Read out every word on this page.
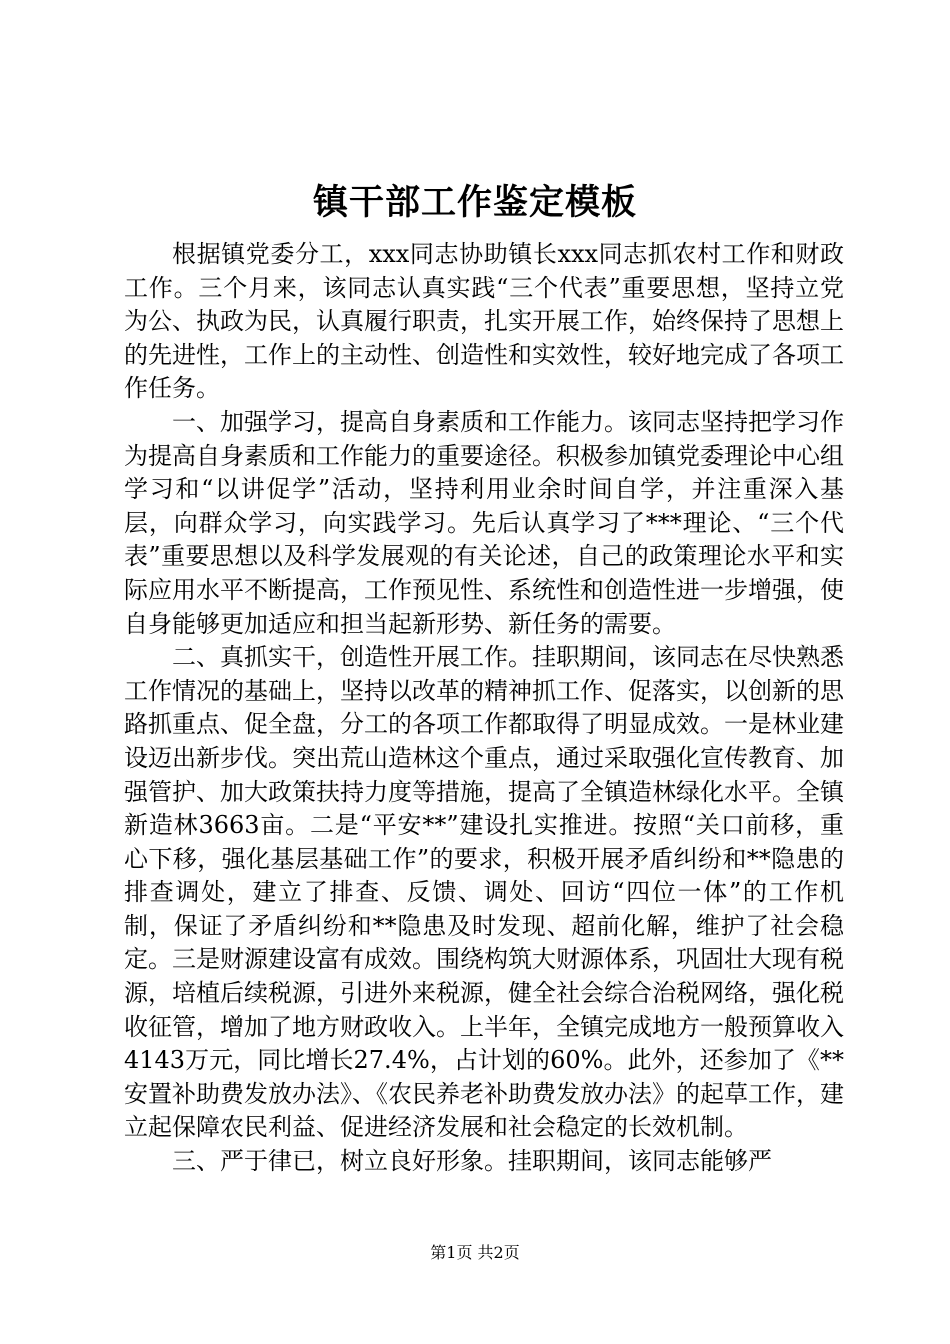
镇干部工作鉴定模板

根据镇党委分工，xxx同志协助镇长xxx同志抓农村工作和财政工作。三个月来，该同志认真实践“三个代表”重要思想，坚持立党为公、执政为民，认真履行职责，扎实开展工作，始终保持了思想上的先进性，工作上的主动性、创造性和实效性，较好地完成了各项工作任务。

一、加强学习，提高自身素质和工作能力。该同志坚持把学习作为提高自身素质和工作能力的重要途径。积极参加镇党委理论中心组学习和“以讲促学”活动，坚持利用业余时间自学，并注重深入基层，向群众学习，向实践学习。先后认真学习了***理论、“三个代表”重要思想以及科学发展观的有关论述，自己的政策理论水平和实际应用水平不断提高，工作预见性、系统性和创造性进一步增强，使自身能够更加适应和担当起新形势、新任务的需要。

二、真抓实干，创造性开展工作。挂职期间，该同志在尽快熟悉工作情况的基础上，坚持以改革的精神抓工作、促落实，以创新的思路抓重点、促全盘，分工的各项工作都取得了明显成效。一是林业建设迈出新步伐。突出荒山造林这个重点，通过采取强化宣传教育、加强管护、加大政策扶持力度等措施，提高了全镇造林绿化水平。全镇新造林3663亩。二是“平安**”建设扎实推进。按照“关口前移，重心下移，强化基层基础工作”的要求，积极开展矛盾纠纷和**隐患的排查调处，建立了排查、反馈、调处、回访“四位一体”的工作机制，保证了矛盾纠纷和**隐患及时发现、超前化解，维护了社会稳定。三是财源建设富有成效。围绕构筑大财源体系，巩固壮大现有税源，培植后续税源，引进外来税源，健全社会综合治税网络，强化税收征管，增加了地方财政收入。上半年，全镇完成地方一般预算收入4143万元，同比增长27.4%，占计划的60%。此外，还参加了《**安置补助费发放办法》、《农民养老补助费发放办法》的起草工作，建立起保障农民利益、促进经济发展和社会稳定的长效机制。

三、严于律已，树立良好形象。挂职期间，该同志能够严

第1页 共2页
